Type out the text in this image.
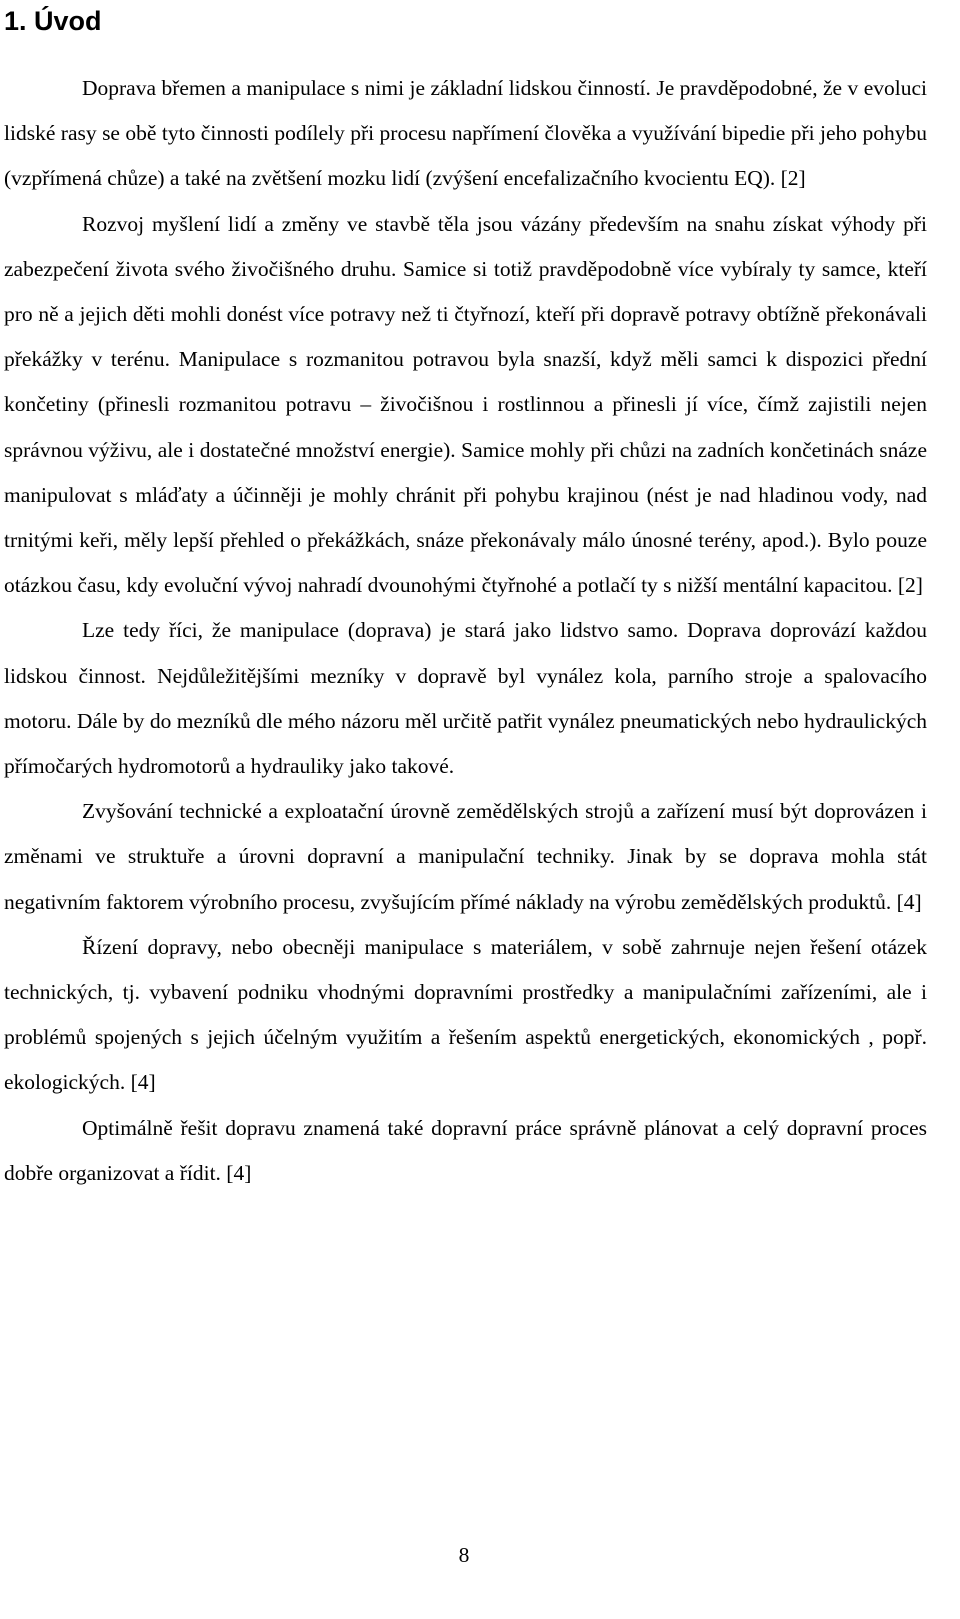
1. Úvod

Doprava břemen a manipulace s nimi je základní lidskou činností. Je pravděpodobné, že v evoluci lidské rasy se obě tyto činnosti podílely při procesu napřímení člověka a využívání bipedie při jeho pohybu (vzpřímená chůze) a také na zvětšení mozku lidí (zvýšení encefalizačního kvocientu EQ). [2]

Rozvoj myšlení lidí a změny ve stavbě těla jsou vázány především na snahu získat výhody při zabezpečení života svého živočišného druhu. Samice si totiž pravděpodobně více vybíraly ty samce, kteří pro ně a jejich děti mohli donést více potravy než ti čtyřnozí, kteří při dopravě potravy obtížně překonávali překážky v terénu. Manipulace s rozmanitou potravou byla snazší, když měli samci k dispozici přední končetiny (přinesli rozmanitou potravu – živočišnou i rostlinnou a přinesli jí více, čímž zajistili nejen správnou výživu, ale i dostatečné množství energie). Samice mohly při chůzi na zadních končetinách snáze manipulovat s mláďaty a účinněji je mohly chránit při pohybu krajinou (nést je nad hladinou vody, nad trnitými keři, měly lepší přehled o překážkách, snáze překonávaly málo únosné terény, apod.). Bylo pouze otázkou času, kdy evoluční vývoj nahradí dvounohými čtyřnohé a potlačí ty s nižší mentální kapacitou. [2]

Lze tedy říci, že manipulace (doprava) je stará jako lidstvo samo. Doprava doprovází každou lidskou činnost. Nejdůležitějšími mezníky v dopravě byl vynález kola, parního stroje a spalovacího motoru. Dále by do mezníků dle mého názoru měl určitě patřit vynález pneumatických nebo hydraulických přímočarých hydromotorů a hydrauliky jako takové.

Zvyšování technické a exploatační úrovně zemědělských strojů a zařízení musí být doprovázen i změnami ve struktuře a úrovni dopravní a manipulační techniky. Jinak by se doprava mohla stát negativním faktorem výrobního procesu, zvyšujícím přímé náklady na výrobu zemědělských produktů. [4]

Řízení dopravy, nebo obecněji manipulace s materiálem, v sobě zahrnuje nejen řešení otázek technických, tj. vybavení podniku vhodnými dopravními prostředky a manipulačními zařízeními, ale i problémů spojených s jejich účelným využitím a řešením aspektů energetických, ekonomických , popř. ekologických. [4]

Optimálně řešit dopravu znamená také dopravní práce správně plánovat a celý dopravní proces dobře organizovat a řídit. [4]

8
